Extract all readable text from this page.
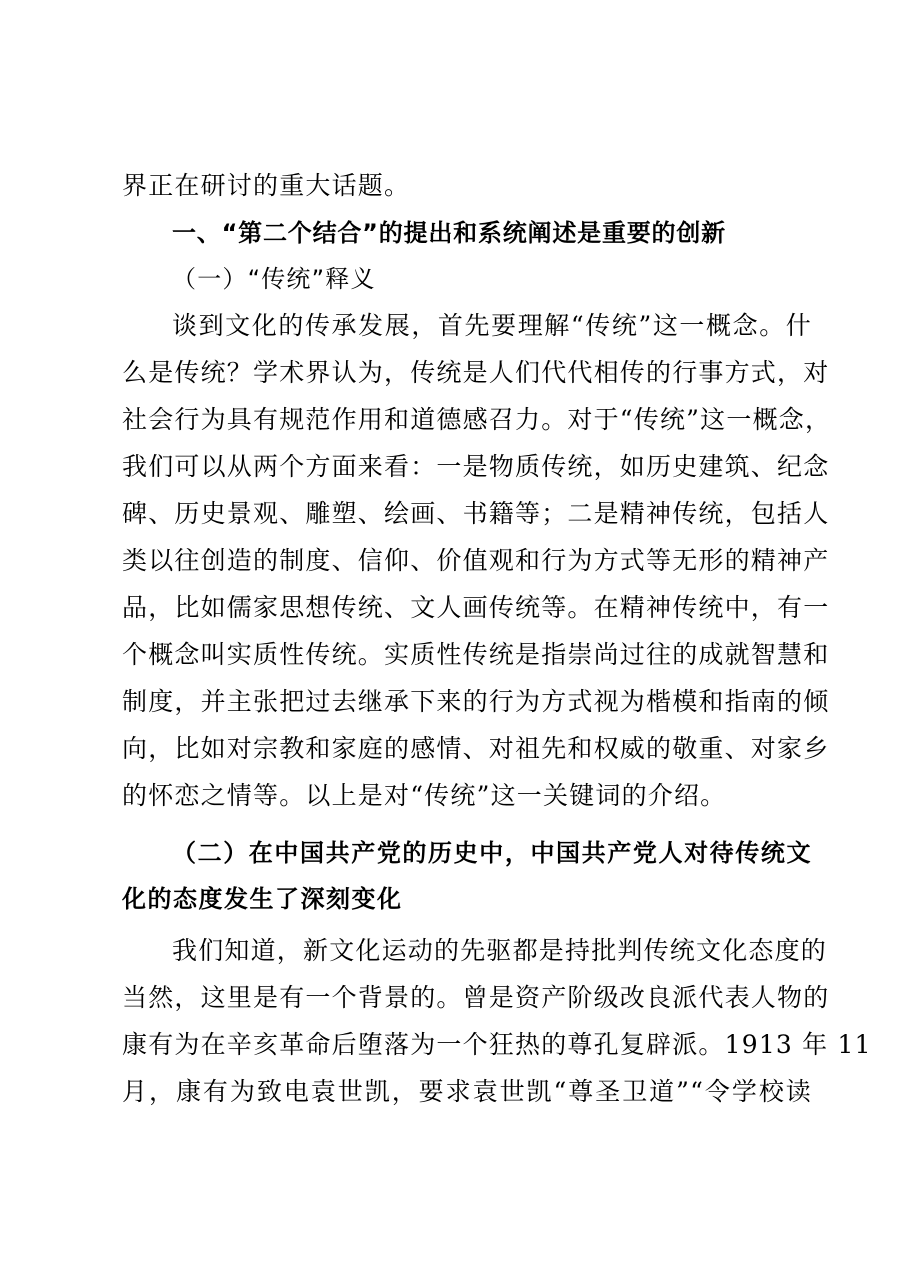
界正在研讨的重大话题。
一、“第二个结合”的提出和系统阐述是重要的创新
（一）“传统”释义
谈到文化的传承发展，首先要理解“传统”这一概念。什
么是传统？学术界认为，传统是人们代代相传的行事方式，对
社会行为具有规范作用和道德感召力。对于“传统”这一概念，
我们可以从两个方面来看：一是物质传统，如历史建筑、纪念
碑、历史景观、雕塑、绘画、书籍等；二是精神传统，包括人
类以往创造的制度、信仰、价值观和行为方式等无形的精神产
品，比如儒家思想传统、文人画传统等。在精神传统中，有一
个概念叫实质性传统。实质性传统是指崇尚过往的成就智慧和
制度，并主张把过去继承下来的行为方式视为楷模和指南的倾
向，比如对宗教和家庭的感情、对祖先和权威的敬重、对家乡
的怀恋之情等。以上是对“传统”这一关键词的介绍。
（二）在中国共产党的历史中，中国共产党人对待传统文
化的态度发生了深刻变化
我们知道，新文化运动的先驱都是持批判传统文化态度的
当然，这里是有一个背景的。曾是资产阶级改良派代表人物的
康有为在辛亥革命后堕落为一个狂热的尊孔复辟派。1913 年 11
月，康有为致电袁世凯，要求袁世凯“尊圣卫道”“令学校读
